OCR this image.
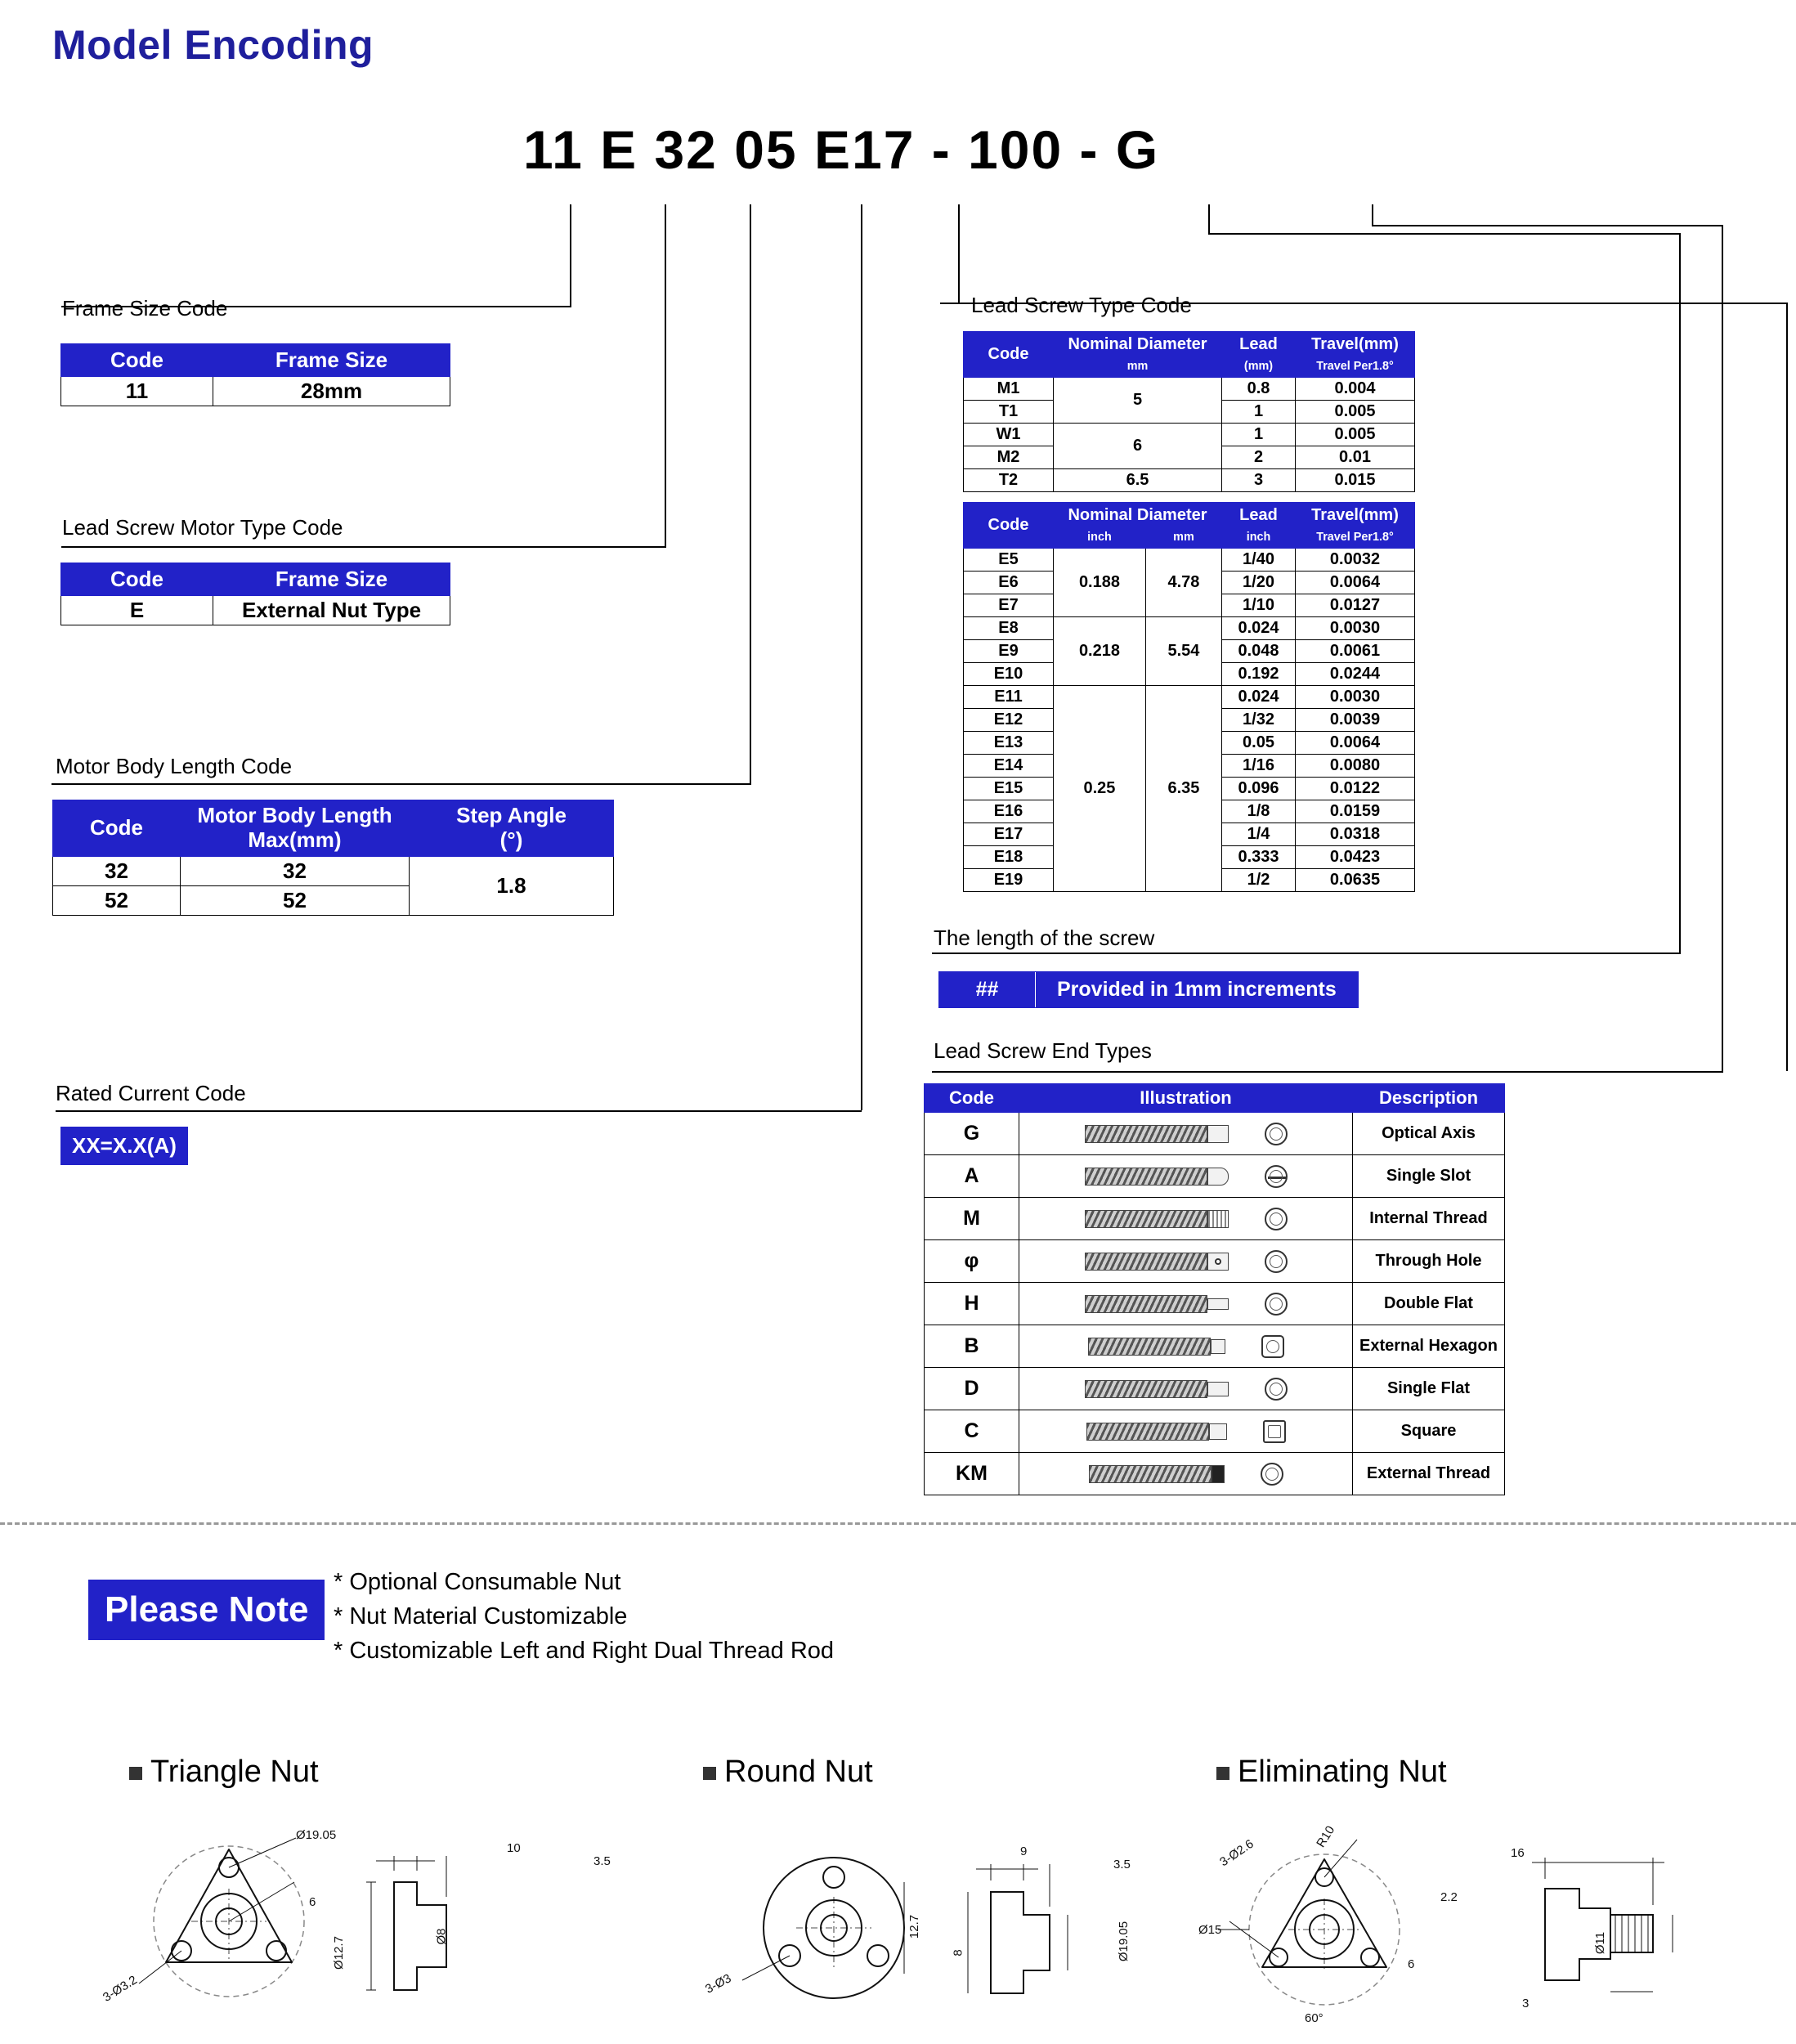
Model Encoding
11 E 32 05 E17 - 100 - G
Frame Size Code
Code	Frame Size
11	28mm
Lead Screw Motor Type Code
Code	Frame Size
E	External Nut Type
Motor Body Length Code
Code	Motor Body Length
Max(mm)

Step Angle
(°)

32	32	1.8
52	52	
Rated Current Code
XX=X.X(A)
Lead Screw Type Code
Code	Nominal Diameter	Lead	Travel(mm)
	mm	(mm)	Travel Per1.8°
M1	5	0.8	0.004
T1		1	0.005
W1	6	1	0.005
M2		2	0.01
T2	6.5	3	0.015
Code	Nominal Diameter		Lead	Travel(mm)
	inch	mm	inch	Travel Per1.8°
E5	0.188	4.78	1/40	0.0032
E6			1/20	0.0064
E7			1/10	0.0127
E8	0.218	5.54	0.024	0.0030
E9			0.048	0.0061
E10			0.192	0.0244
E11	0.25	6.35	0.024	0.0030
E12			1/32	0.0039
E13			0.05	0.0064
E14			1/16	0.0080
E15			0.096	0.0122
E16			1/8	0.0159
E17			1/4	0.0318
E18			0.333	0.0423
E19			1/2	0.0635
The length of the screw
##	Provided in 1mm increments
Lead Screw End Types
Code	Illustration	Description
G		Optical Axis
A		Single Slot
M		Internal Thread
φ		Through Hole
H		Double Flat
B		External Hexagon
D		Single Flat
C		Square
KM		External Thread
Please Note
* Optional Consumable Nut
* Nut Material Customizable
* Customizable Left and Right Dual Thread Rod
Triangle Nut
3-Ø3.2
Ø19.05
6
Ø12.7
10
3.5
Ø8
Round Nut
3-Ø3
12.7
9
3.5
8	Ø19.05
Eliminating Nut
3-Ø2.6
R10
Ø15
6
60°
16
2.2
Ø11
3
